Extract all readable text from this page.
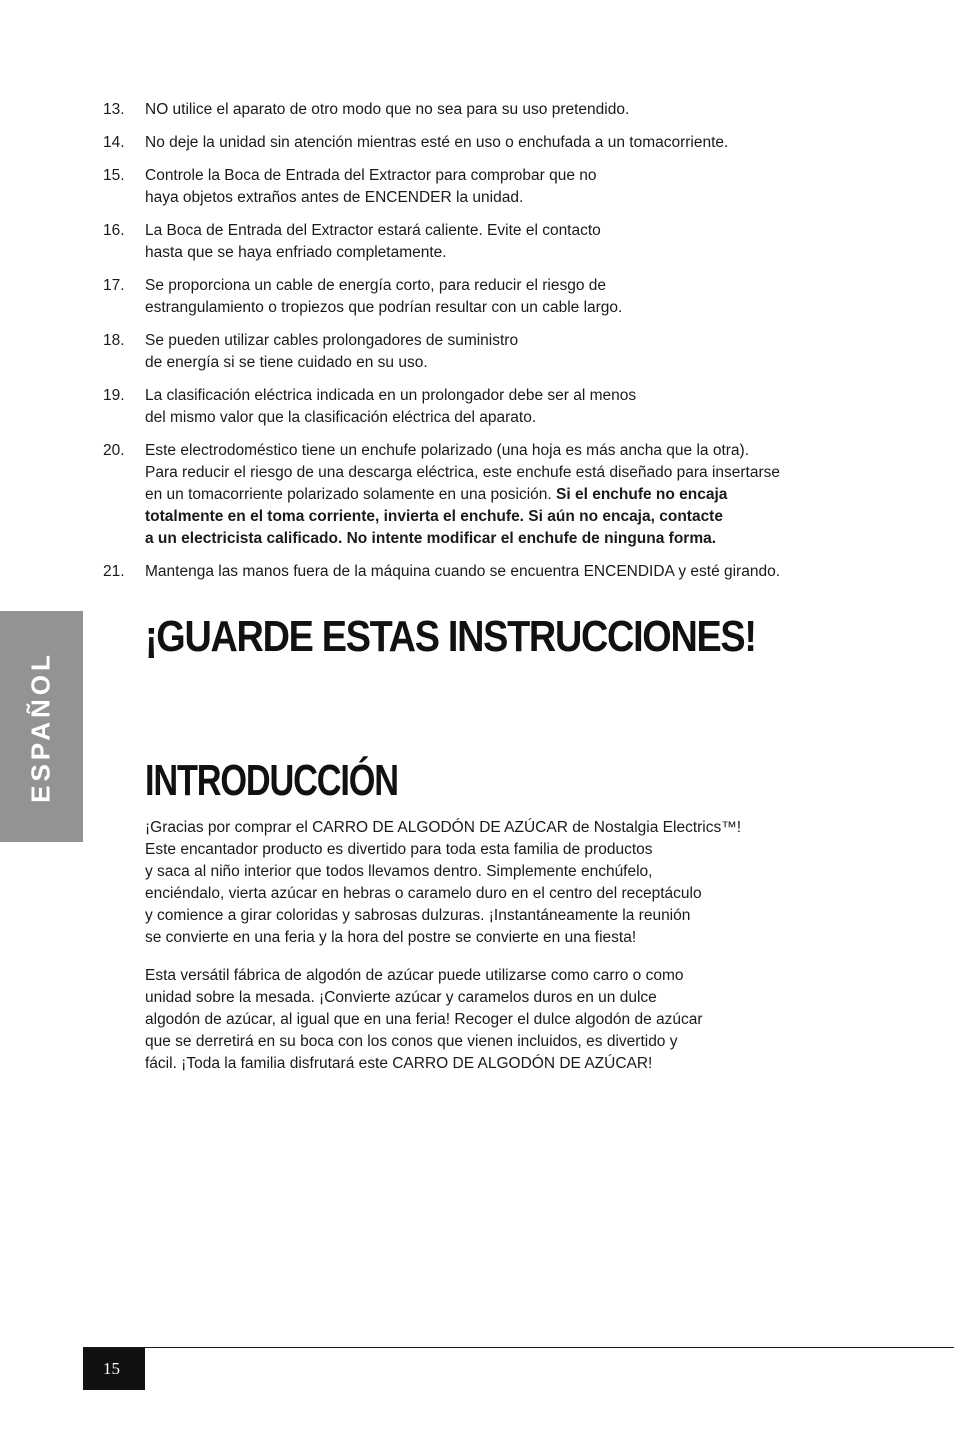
13.	NO utilice el aparato de otro modo que no sea para su uso pretendido.
14.	No deje la unidad sin atención mientras esté en uso o enchufada a un tomacorriente.
15.	Controle la Boca de Entrada del Extractor para comprobar que no
haya objetos extraños antes de ENCENDER la unidad.
16.	La Boca de Entrada del Extractor estará caliente. Evite el contacto
hasta que se haya enfriado completamente.
17.	Se proporciona un cable de energía corto, para reducir el riesgo de
estrangulamiento o tropiezos que podrían resultar con un cable largo.
18.	Se pueden utilizar cables prolongadores de suministro
de energía si se tiene cuidado en su uso.
19.	La clasificación eléctrica indicada en un prolongador debe ser al menos
del mismo valor que la clasificación eléctrica del aparato.
20.	Este electrodoméstico tiene un enchufe polarizado (una hoja es más ancha que la otra).
Para reducir el riesgo de una descarga eléctrica, este enchufe está diseñado para insertarse
en un tomacorriente polarizado solamente en una posición. Si el enchufe no encaja
totalmente en el toma corriente, invierta el enchufe. Si aún no encaja, contacte
a un electricista calificado. No intente modificar el enchufe de ninguna forma.
21.	Mantenga las manos fuera de la máquina cuando se encuentra ENCENDIDA y esté girando.
¡GUARDE ESTAS INSTRUCCIONES!
INTRODUCCIÓN

¡Gracias por comprar el CARRO DE ALGODÓN DE AZÚCAR de Nostalgia Electrics™!
Este encantador producto es divertido para toda esta familia de productos
y saca al niño interior que todos llevamos dentro. Simplemente enchúfelo,
enciéndalo, vierta azúcar en hebras o caramelo duro en el centro del receptáculo
y comience a girar coloridas y sabrosas dulzuras. ¡Instantáneamente la reunión
se convierte en una feria y la hora del postre se convierte en una fiesta!

Esta versátil fábrica de algodón de azúcar puede utilizarse como carro o como
unidad sobre la mesada. ¡Convierte azúcar y caramelos duros en un dulce
algodón de azúcar, al igual que en una feria! Recoger el dulce algodón de azúcar
que se derretirá en su boca con los conos que vienen incluidos, es divertido y
fácil. ¡Toda la familia disfrutará este CARRO DE ALGODÓN DE AZÚCAR!

ESPAÑOL
15
